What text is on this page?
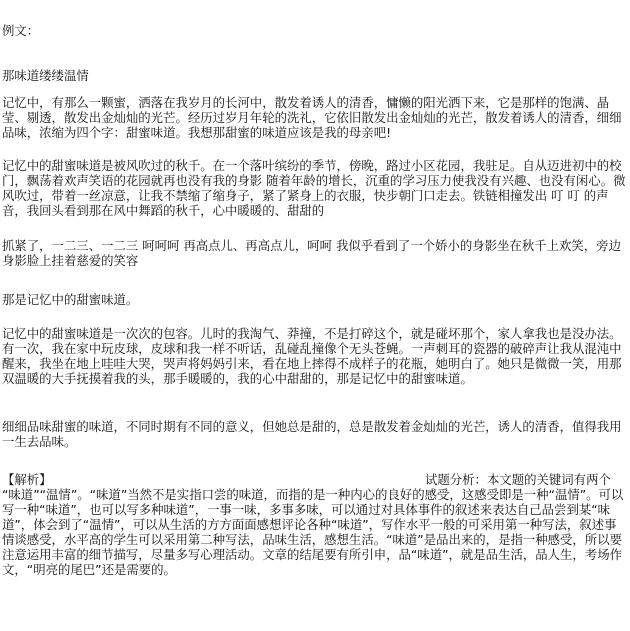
例文：

那味道缕缕温情

记忆中，有那么一颗蜜，洒落在我岁月的长河中，散发着诱人的清香，慵懒的阳光洒下来，它是那样的饱满、晶莹、剔透，散发出金灿灿的光芒。经历过岁月年轮的洗礼，它依旧散发出金灿灿的光芒，散发着诱人的清香，细细品味，浓缩为四个字：甜蜜味道。我想那甜蜜的味道应该是我的母亲吧!

记忆中的甜蜜味道是被风吹过的秋千。在一个落叶缤纷的季节，傍晚，路过小区花园，我驻足。自从迈进初中的校门，飘荡着欢声笑语的花园就再也没有我的身影 随着年龄的增长，沉重的学习压力使我没有兴趣、也没有闲心。微风吹过，带着一丝凉意，让我不禁缩了缩身子，紧了紧身上的衣服，快步朝门口走去。铁链相撞发出 叮 叮 的声音，我回头看到那在风中舞蹈的秋千，心中暖暖的、甜甜的

抓紧了，一二三、一二三 呵呵呵 再高点儿、再高点儿，呵呵 我似乎看到了一个娇小的身影坐在秋千上欢笑，旁边身影脸上挂着慈爱的笑容

那是记忆中的甜蜜味道。

记忆中的甜蜜味道是一次次的包容。儿时的我淘气、莽撞，不是打碎这个，就是碰坏那个，家人拿我也是没办法。有一次，我在家中玩皮球，皮球和我一样不听话，乱碰乱撞像个无头苍蝇。一声刺耳的瓷器的破碎声让我从混沌中醒来，我坐在地上哇哇大哭，哭声将妈妈引来，看在地上摔得不成样子的花瓶，她明白了。她只是微微一笑，用那双温暖的大手抚摸着我的头，那手暖暖的，我的心中甜甜的，那是记忆中的甜蜜味道。

细细品味甜蜜的味道，不同时期有不同的意义，但她总是甜的，总是散发着金灿灿的光芒，诱人的清香，值得我用一生去品味。

【解析】	试题分析：本文题的关键词有两个

“味道”“温情”。“味道”当然不是实指口尝的味道，而指的是一种内心的良好的感受，这感受即是一种“温情”。可以写一种“味道”，也可以写多种味道”，一事一味，多事多味，可以通过对具体事件的叙述来表达自己品尝到某“味道”，体会到了“温情”，可以从生活的方方面面感想评论各种“味道”，写作水平一般的可采用第一种写法，叙述事情谈感受，水平高的学生可以采用第二种写法，品味生活，感想生活。“味道”是品出来的，是指一种感受，所以要注意运用丰富的细节描写，尽量多写心理活动。文章的结尾要有所引申，品“味道”，就是品生活，品人生，考场作文，“明亮的尾巴”还是需要的。
